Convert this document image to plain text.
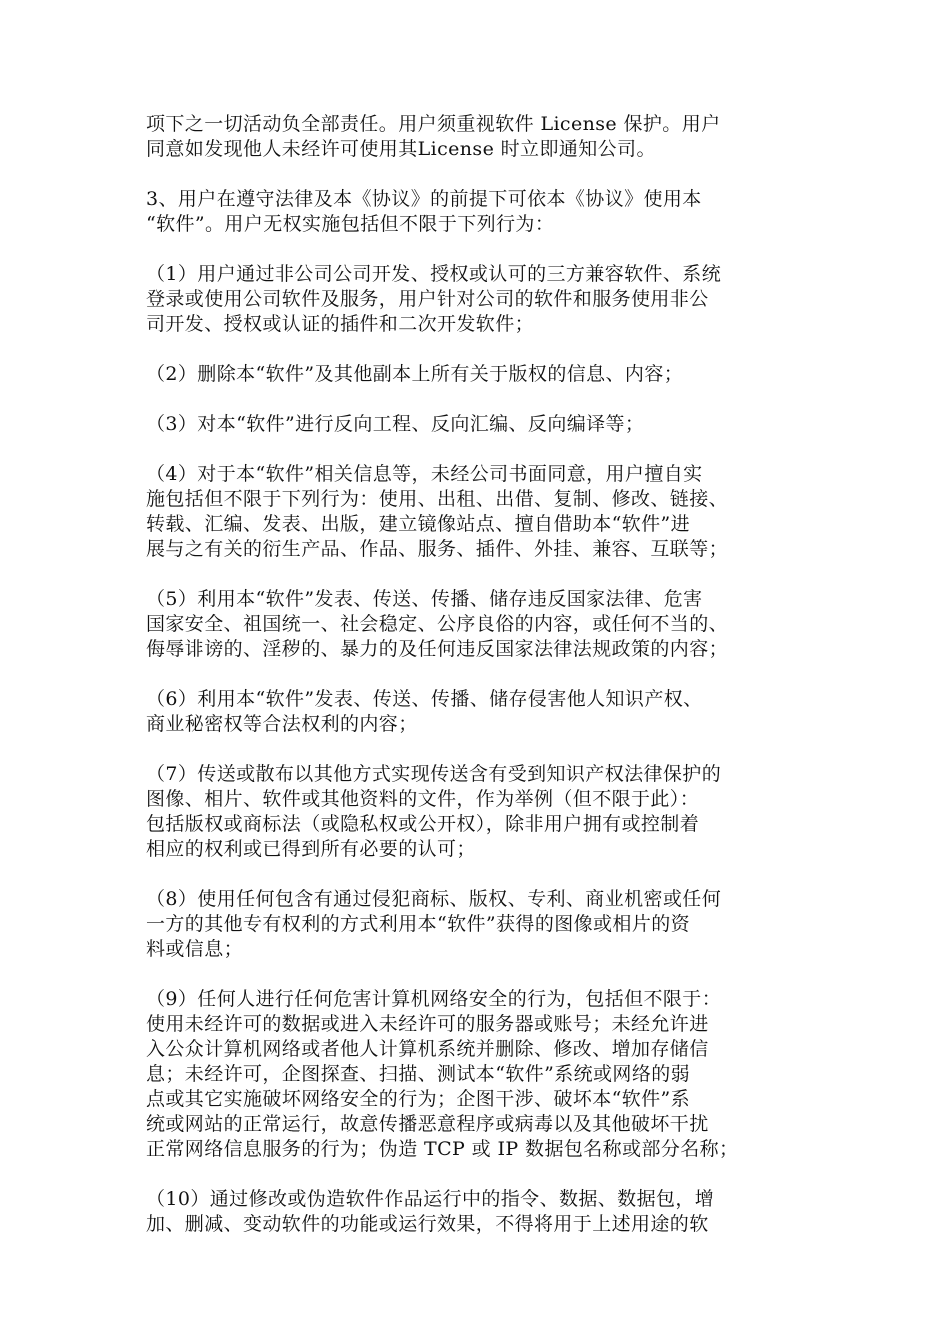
项下之一切活动负全部责任。用户须重视软件 License 保护。用户
同意如发现他人未经许可使用其License 时立即通知公司。

3、用户在遵守法律及本《协议》的前提下可依本《协议》使用本
“软件”。用户无权实施包括但不限于下列行为：

（1）用户通过非公司公司开发、授权或认可的三方兼容软件、系统
登录或使用公司软件及服务，用户针对公司的软件和服务使用非公
司开发、授权或认证的插件和二次开发软件；

（2）删除本“软件”及其他副本上所有关于版权的信息、内容；

（3）对本“软件”进行反向工程、反向汇编、反向编译等；

（4）对于本“软件”相关信息等，未经公司书面同意，用户擅自实
施包括但不限于下列行为：使用、出租、出借、复制、修改、链接、
转载、汇编、发表、出版，建立镜像站点、擅自借助本“软件”进
展与之有关的衍生产品、作品、服务、插件、外挂、兼容、互联等；

（5）利用本“软件”发表、传送、传播、储存违反国家法律、危害
国家安全、祖国统一、社会稳定、公序良俗的内容，或任何不当的、
侮辱诽谤的、淫秽的、暴力的及任何违反国家法律法规政策的内容；

（6）利用本“软件”发表、传送、传播、储存侵害他人知识产权、
商业秘密权等合法权利的内容；

（7）传送或散布以其他方式实现传送含有受到知识产权法律保护的
图像、相片、软件或其他资料的文件，作为举例（但不限于此）：
包括版权或商标法（或隐私权或公开权），除非用户拥有或控制着
相应的权利或已得到所有必要的认可；

（8）使用任何包含有通过侵犯商标、版权、专利、商业机密或任何
一方的其他专有权利的方式利用本“软件”获得的图像或相片的资
料或信息；

（9）任何人进行任何危害计算机网络安全的行为，包括但不限于：
使用未经许可的数据或进入未经许可的服务器或账号；未经允许进
入公众计算机网络或者他人计算机系统并删除、修改、增加存储信
息；未经许可，企图探查、扫描、测试本“软件”系统或网络的弱
点或其它实施破坏网络安全的行为；企图干涉、破坏本“软件”系
统或网站的正常运行，故意传播恶意程序或病毒以及其他破坏干扰
正常网络信息服务的行为；伪造 TCP 或 IP 数据包名称或部分名称；

（10）通过修改或伪造软件作品运行中的指令、数据、数据包，增
加、删减、变动软件的功能或运行效果，不得将用于上述用途的软
